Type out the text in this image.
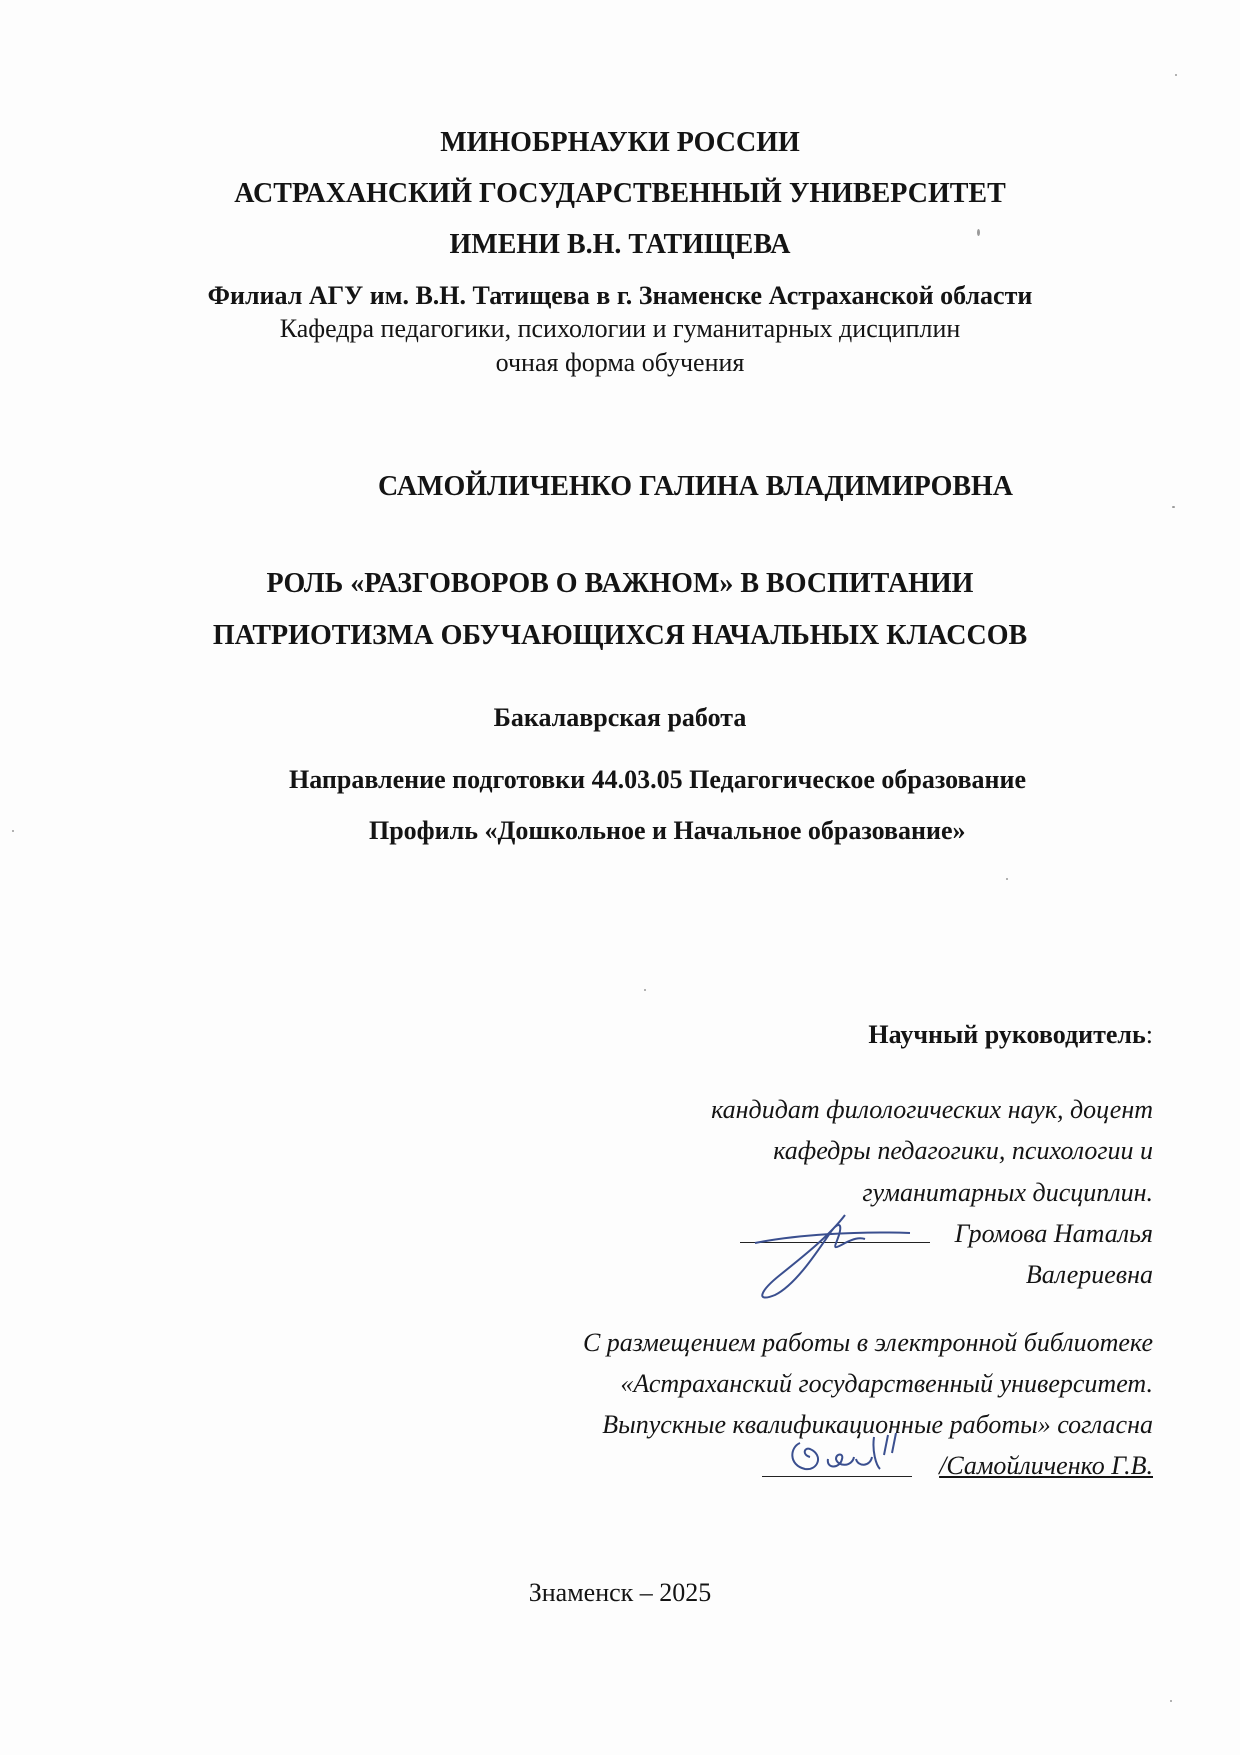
МИНОБРНАУКИ РОССИИ
АСТРАХАНСКИЙ ГОСУДАРСТВЕННЫЙ УНИВЕРСИТЕТ
ИМЕНИ В.Н. ТАТИЩЕВА
Филиал АГУ им. В.Н. Татищева в г. Знаменске Астраханской области
Кафедра педагогики, психологии и гуманитарных дисциплин
очная форма обучения
САМОЙЛИЧЕНКО ГАЛИНА ВЛАДИМИРОВНА
РОЛЬ «РАЗГОВОРОВ О ВАЖНОМ» В ВОСПИТАНИИ
ПАТРИОТИЗМА ОБУЧАЮЩИХСЯ НАЧАЛЬНЫХ КЛАССОВ
Бакалаврская работа
Направление подготовки 44.03.05 Педагогическое образование
Профиль «Дошкольное и Начальное образование»
Научный руководитель:
кандидат филологических наук, доцент
кафедры педагогики, психологии и
гуманитарных дисциплин.
Громова Наталья
Валериевна
С размещением работы в электронной библиотеке
«Астраханский государственный университет.
Выпускные квалификационные работы» согласна
/Самойличенко Г.В.
Знаменск – 2025
